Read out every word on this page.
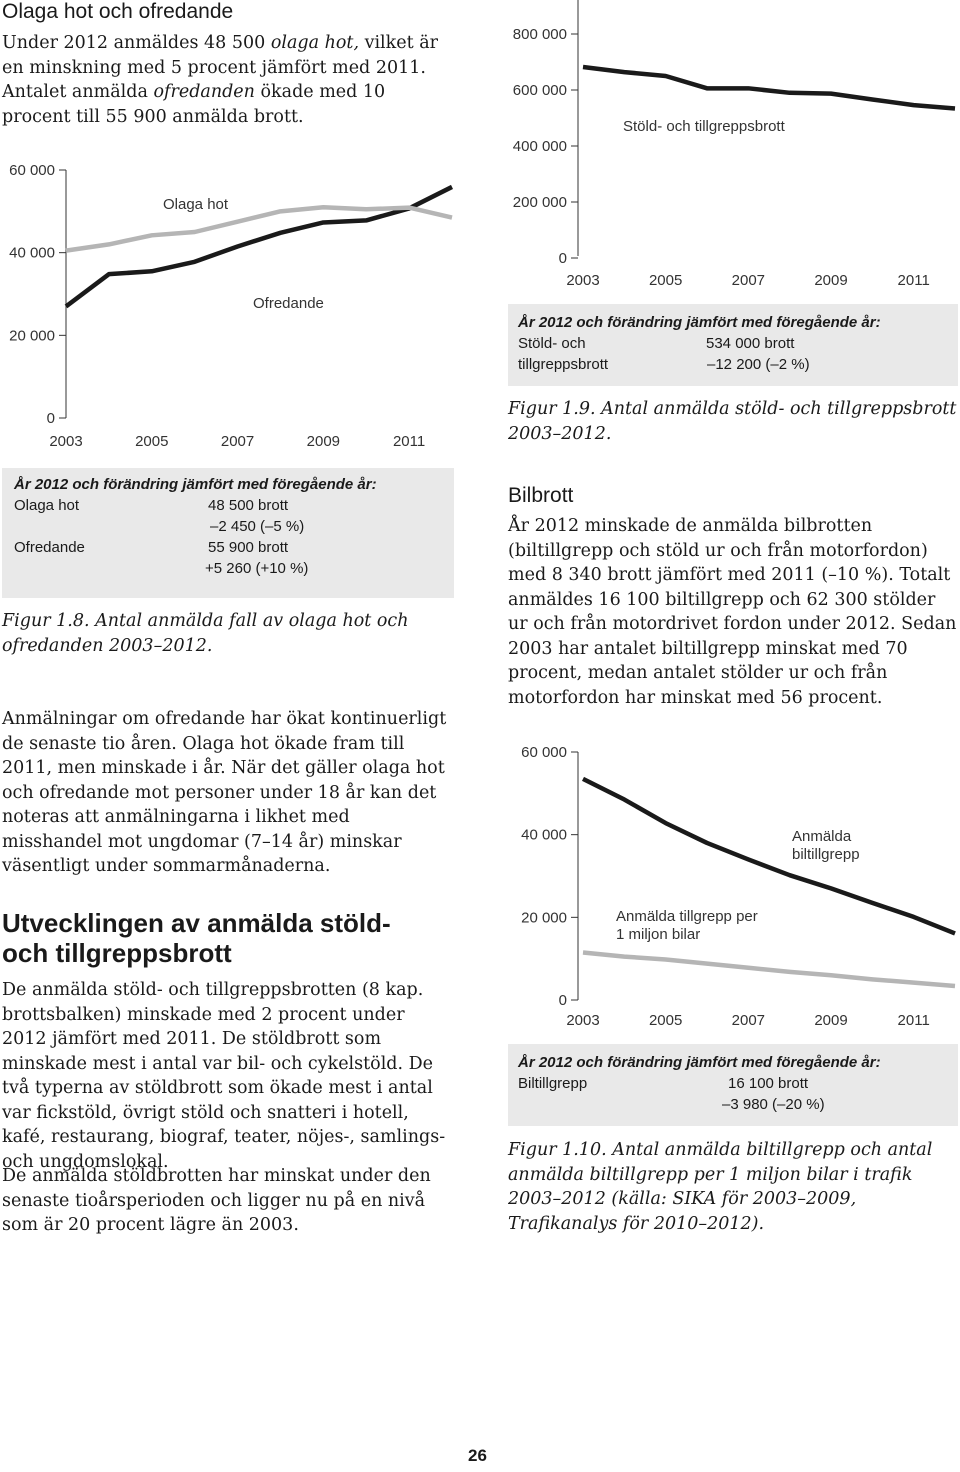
Olaga hot och ofredande
Under 2012 anmäldes 48 500 olaga hot, vilket är en minskning med 5 procent jämfört med 2011. Antalet anmälda ofredanden ökade med 10 procent till 55 900 anmälda brott.
0
20 000
40 000
60 000
2003	2005	2007	2009	2011
Olaga hot
Ofredande
År 2012 och förändring jämfört med föregående år:
Olaga hot	48 500 brott
–2 450 (–5 %)
Ofredande	55 900 brott
+5 260 (+10 %)
Figur 1.8. Antal anmälda fall av olaga hot och ofredanden 2003–2012.
Anmälningar om ofredande har ökat kontinuerligt de senaste tio åren. Olaga hot ökade fram till 2011, men minskade i år. När det gäller olaga hot och ofredande mot personer under 18 år kan det noteras att anmälningarna i likhet med misshandel mot ungdomar (7–14 år) minskar väsentligt under sommarmånaderna.
Utvecklingen av anmälda stöld- och tillgreppsbrott
De anmälda stöld- och tillgreppsbrotten (8 kap. brottsbalken) minskade med 2 procent under 2012 jämfört med 2011. De stöldbrott som minskade mest i antal var bil- och cykelstöld. De två typerna av stöldbrott som ökade mest i antal var fickstöld, övrigt stöld och snatteri i hotell, kafé, restaurang, biograf, teater, nöjes-, samlings- och ungdomslokal.
De anmälda stöldbrotten har minskat under den senaste tioårsperioden och ligger nu på en nivå som är 20 procent lägre än 2003.
0
200 000
400 000
600 000
800 000
2003	2005	2007	2009	2011
Stöld- och tillgreppsbrott
År 2012 och förändring jämfört med föregående år:
Stöld- och	534 000 brott
tillgreppsbrott	–12 200 (–2 %)
Figur 1.9. Antal anmälda stöld- och tillgreppsbrott 2003–2012.
Bilbrott
År 2012 minskade de anmälda bilbrotten (biltillgrepp och stöld ur och från motorfordon) med 8 340 brott jämfört med 2011 (–10 %). Totalt anmäldes 16 100 biltillgrepp och 62 300 stölder ur och från motordrivet fordon under 2012. Sedan 2003 har antalet biltillgrepp minskat med 70 procent, medan antalet stölder ur och från motorfordon har minskat med 56 procent.
0
20 000
40 000
60 000
2003	2005	2007	2009	2011
Anmälda biltillgrepp
Anmälda tillgrepp per 1 miljon bilar
År 2012 och förändring jämfört med föregående år:
Biltillgrepp	16 100 brott
–3 980 (–20 %)
Figur 1.10. Antal anmälda biltillgrepp och antal anmälda biltillgrepp per 1 miljon bilar i trafik 2003–2012 (källa: SIKA för 2003–2009, Trafikanalys för 2010–2012).
26
